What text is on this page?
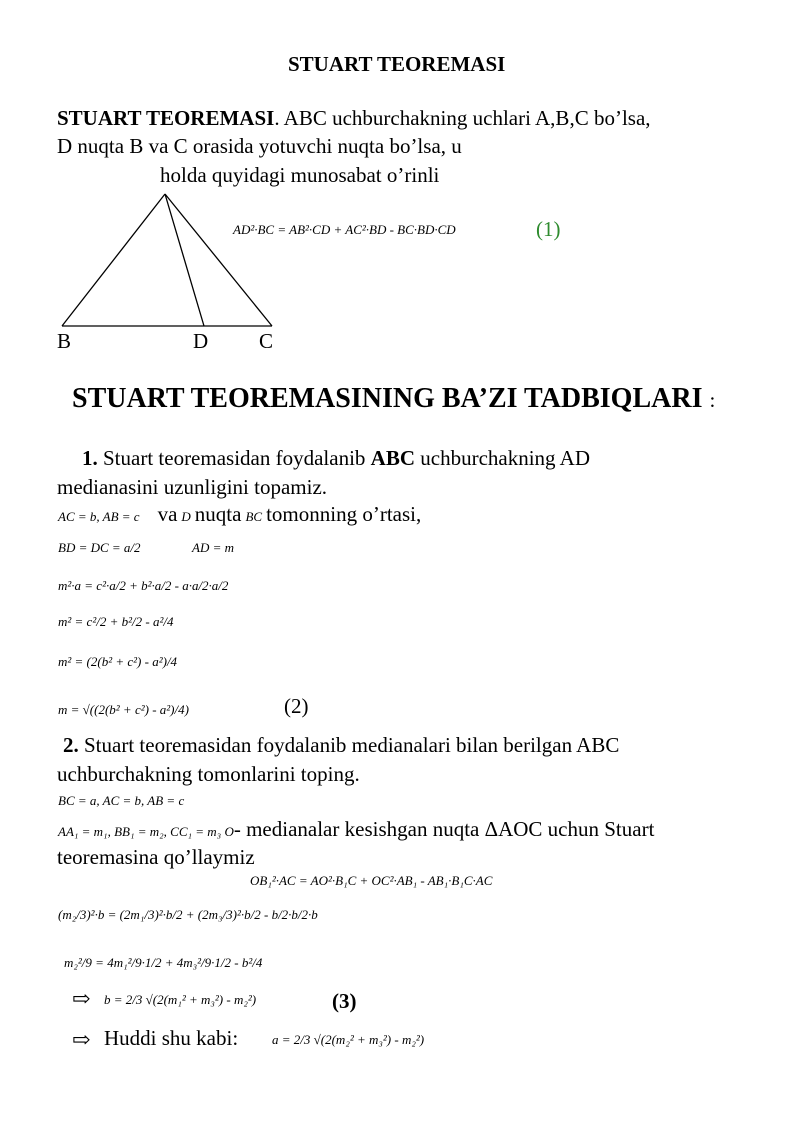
STUART TEOREMASI
STUART TEOREMASI. ABC uchburchakning uchlari A,B,C bo’lsa,
D nuqta B va C orasida yotuvchi nuqta bo’lsa, u
holda quyidagi munosabat o’rinli
B	D C
AD²·BC = AB²·CD + AC²·BD - BC·BD·CD	(1)
STUART TEOREMASINING BA’ZI TADBIQLARI :
1. Stuart teoremasidan foydalanib ABC uchburchakning AD
medianasini uzunligini topamiz.
AC = b, AB = c va D nuqta BC tomonning o’rtasi,
BD = DC = a/2	AD = m
m²·a = c²·a/2 + b²·a/2 - a·a/2·a/2
m² = c²/2 + b²/2 - a²/4
m² = (2(b² + c²) - a²)/4
m = √((2(b² + c²) - a²)/4)	(2)
2. Stuart teoremasidan foydalanib medianalari bilan berilgan ABC
uchburchakning tomonlarini toping.
BC = a, AC = b, AB = c
AA₁ = m₁, BB₁ = m₂, CC₁ = m₃ O- medianalar kesishgan nuqta ΔAOC uchun Stuart
teoremasina qo’llaymiz
OB₁²·AC = AO²·B₁C + OC²·AB₁ - AB₁·B₁C·AC
(m₂/3)²·b = (2m₁/3)²·b/2 + (2m₃/3)²·b/2 - b/2·b/2·b
m₂²/9 = 4m₁²/9·1/2 + 4m₃²/9·1/2 - b²/4
⇨ b = 2/3 √(2(m₁² + m₃²) - m₂²)	(3)
⇨ Huddi shu kabi:	a = 2/3 √(2(m₂² + m₃²) - m₂²)
